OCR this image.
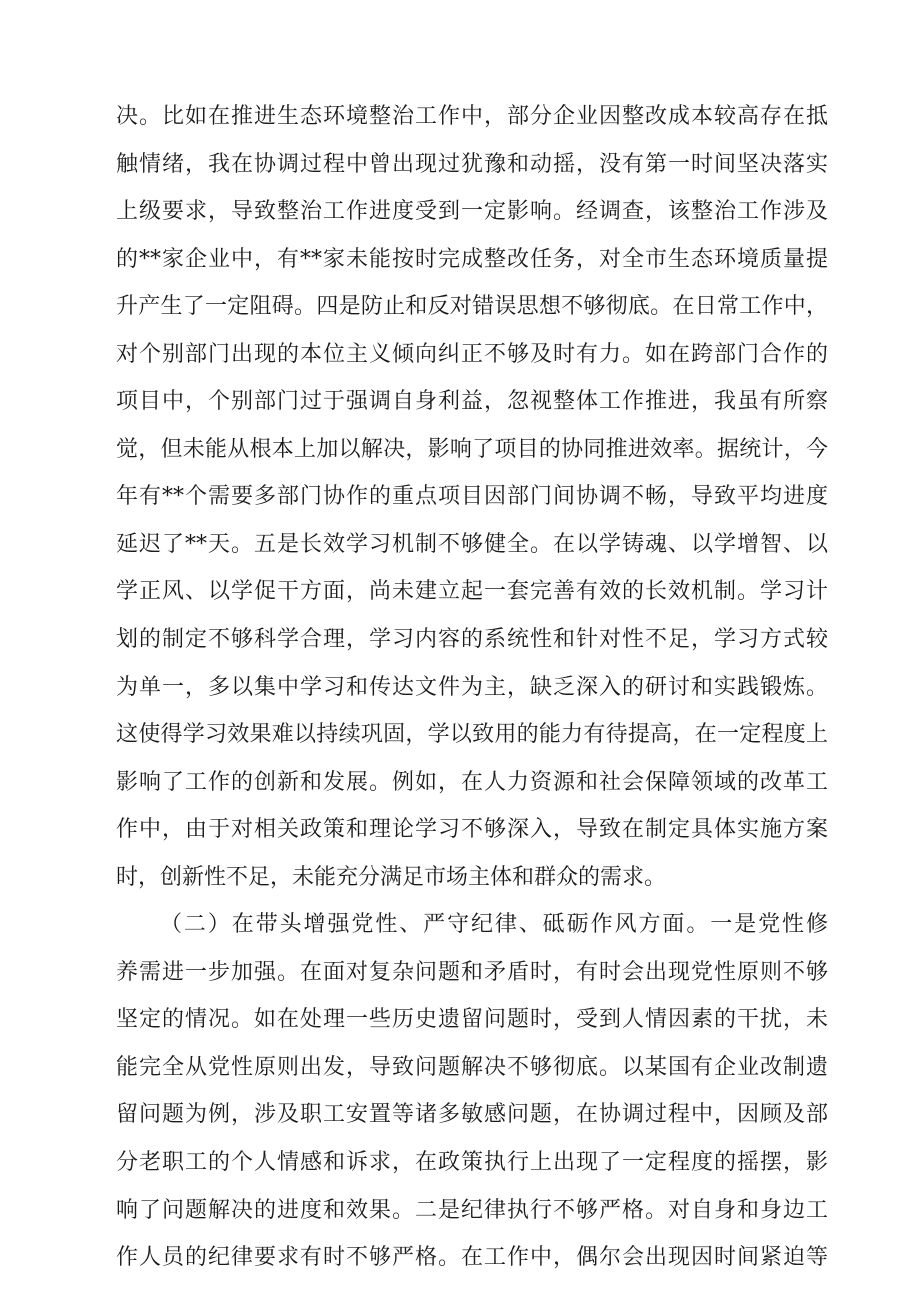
决。比如在推进生态环境整治工作中，部分企业因整改成本较高存在抵
触情绪，我在协调过程中曾出现过犹豫和动摇，没有第一时间坚决落实
上级要求，导致整治工作进度受到一定影响。经调查，该整治工作涉及
的**家企业中，有**家未能按时完成整改任务，对全市生态环境质量提
升产生了一定阻碍。四是防止和反对错误思想不够彻底。在日常工作中，
对个别部门出现的本位主义倾向纠正不够及时有力。如在跨部门合作的
项目中，个别部门过于强调自身利益，忽视整体工作推进，我虽有所察
觉，但未能从根本上加以解决，影响了项目的协同推进效率。据统计，今
年有**个需要多部门协作的重点项目因部门间协调不畅，导致平均进度
延迟了**天。五是长效学习机制不够健全。在以学铸魂、以学增智、以
学正风、以学促干方面，尚未建立起一套完善有效的长效机制。学习计
划的制定不够科学合理，学习内容的系统性和针对性不足，学习方式较
为单一，多以集中学习和传达文件为主，缺乏深入的研讨和实践锻炼。
这使得学习效果难以持续巩固，学以致用的能力有待提高，在一定程度上
影响了工作的创新和发展。例如，在人力资源和社会保障领域的改革工
作中，由于对相关政策和理论学习不够深入，导致在制定具体实施方案
时，创新性不足，未能充分满足市场主体和群众的需求。
（二）在带头增强党性、严守纪律、砥砺作风方面。一是党性修
养需进一步加强。在面对复杂问题和矛盾时，有时会出现党性原则不够
坚定的情况。如在处理一些历史遗留问题时，受到人情因素的干扰，未
能完全从党性原则出发，导致问题解决不够彻底。以某国有企业改制遗
留问题为例，涉及职工安置等诸多敏感问题，在协调过程中，因顾及部
分老职工的个人情感和诉求，在政策执行上出现了一定程度的摇摆，影
响了问题解决的进度和效果。二是纪律执行不够严格。对自身和身边工
作人员的纪律要求有时不够严格。在工作中，偶尔会出现因时间紧迫等
